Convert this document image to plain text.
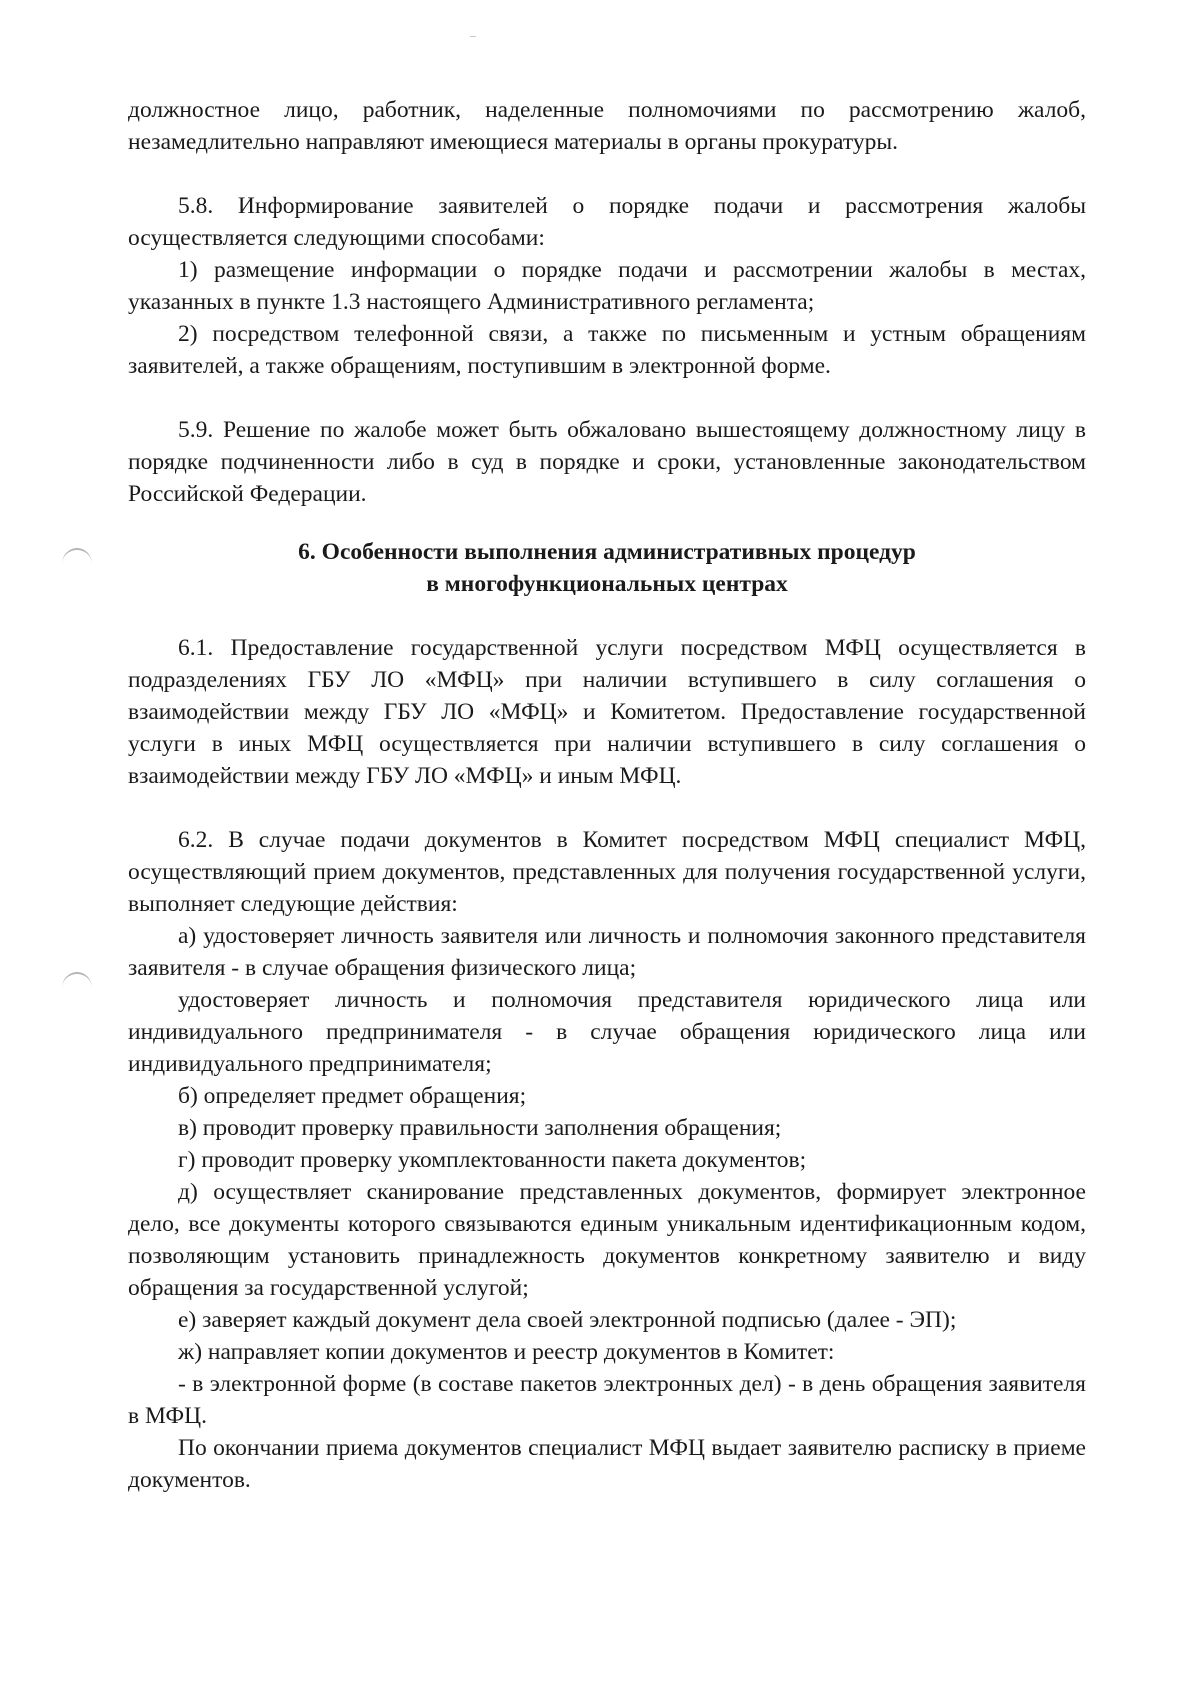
должностное лицо, работник, наделенные полномочиями по рассмотрению жалоб, незамедлительно направляют имеющиеся материалы в органы прокуратуры.

5.8. Информирование заявителей о порядке подачи и рассмотрения жалобы осуществляется следующими способами:

1) размещение информации о порядке подачи и рассмотрении жалобы в местах, указанных в пункте 1.3 настоящего Административного регламента;

2) посредством телефонной связи, а также по письменным и устным обращениям заявителей, а также обращениям, поступившим в электронной форме.

5.9. Решение по жалобе может быть обжаловано вышестоящему должностному лицу в порядке подчиненности либо в суд в порядке и сроки, установленные законодательством Российской Федерации.

6. Особенности выполнения административных процедур

в многофункциональных центрах

6.1. Предоставление государственной услуги посредством МФЦ осуществляется в подразделениях ГБУ ЛО «МФЦ» при наличии вступившего в силу соглашения о взаимодействии между ГБУ ЛО «МФЦ» и Комитетом. Предоставление государственной услуги в иных МФЦ осуществляется при наличии вступившего в силу соглашения о взаимодействии между ГБУ ЛО «МФЦ» и иным МФЦ.

6.2. В случае подачи документов в Комитет посредством МФЦ специалист МФЦ, осуществляющий прием документов, представленных для получения государственной услуги, выполняет следующие действия:

а) удостоверяет личность заявителя или личность и полномочия законного представителя заявителя - в случае обращения физического лица;

удостоверяет личность и полномочия представителя юридического лица или индивидуального предпринимателя - в случае обращения юридического лица или индивидуального предпринимателя;

б) определяет предмет обращения;

в) проводит проверку правильности заполнения обращения;

г) проводит проверку укомплектованности пакета документов;

д) осуществляет сканирование представленных документов, формирует электронное дело, все документы которого связываются единым уникальным идентификационным кодом, позволяющим установить принадлежность документов конкретному заявителю и виду обращения за государственной услугой;

е) заверяет каждый документ дела своей электронной подписью (далее - ЭП);

ж) направляет копии документов и реестр документов в Комитет:

- в электронной форме (в составе пакетов электронных дел) - в день обращения заявителя в МФЦ.

По окончании приема документов специалист МФЦ выдает заявителю расписку в приеме документов.
